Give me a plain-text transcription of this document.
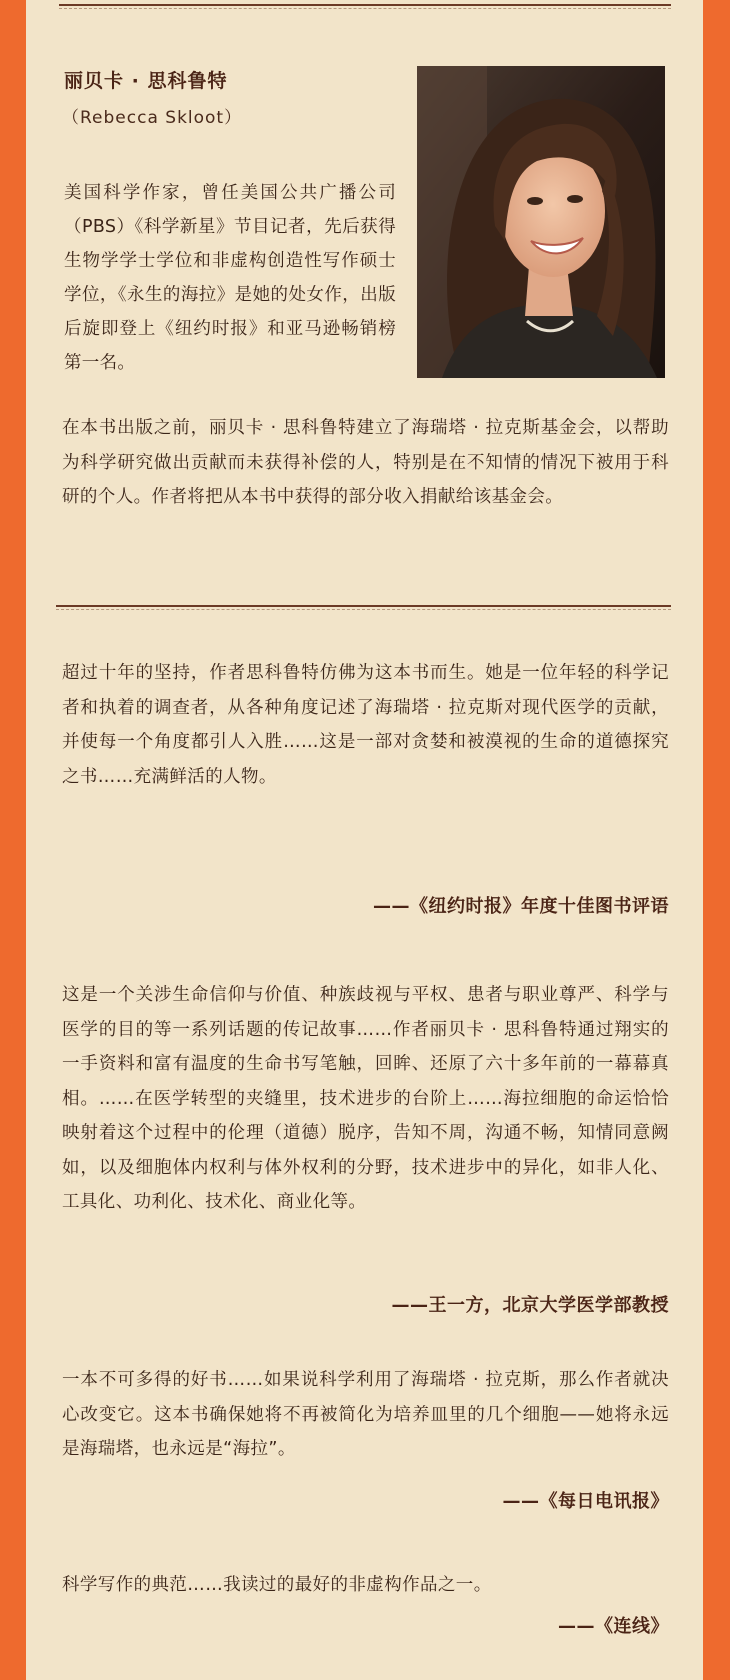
丽贝卡 · 思科鲁特
（Rebecca Skloot）

美国科学作家，曾任美国公共广播公司（PBS）《科学新星》节目记者，先后获得生物学学士学位和非虚构创造性写作硕士学位，《永生的海拉》是她的处女作，出版后旋即登上《纽约时报》和亚马逊畅销榜第一名。

在本书出版之前，丽贝卡 · 思科鲁特建立了海瑞塔 · 拉克斯基金会，以帮助为科学研究做出贡献而未获得补偿的人，特别是在不知情的情况下被用于科研的个人。作者将把从本书中获得的部分收入捐献给该基金会。

超过十年的坚持，作者思科鲁特仿佛为这本书而生。她是一位年轻的科学记者和执着的调查者，从各种角度记述了海瑞塔 · 拉克斯对现代医学的贡献，并使每一个角度都引人入胜……这是一部对贪婪和被漠视的生命的道德探究之书……充满鲜活的人物。

——《纽约时报》年度十佳图书评语

这是一个关涉生命信仰与价值、种族歧视与平权、患者与职业尊严、科学与医学的目的等一系列话题的传记故事……作者丽贝卡 · 思科鲁特通过翔实的一手资料和富有温度的生命书写笔触，回眸、还原了六十多年前的一幕幕真相。……在医学转型的夹缝里，技术进步的台阶上……海拉细胞的命运恰恰映射着这个过程中的伦理（道德）脱序，告知不周，沟通不畅，知情同意阙如，以及细胞体内权利与体外权利的分野，技术进步中的异化，如非人化、工具化、功利化、技术化、商业化等。

——王一方，北京大学医学部教授

一本不可多得的好书……如果说科学利用了海瑞塔 · 拉克斯，那么作者就决心改变它。这本书确保她将不再被简化为培养皿里的几个细胞——她将永远是海瑞塔，也永远是“海拉”。

——《每日电讯报》

科学写作的典范……我读过的最好的非虚构作品之一。

——《连线》
